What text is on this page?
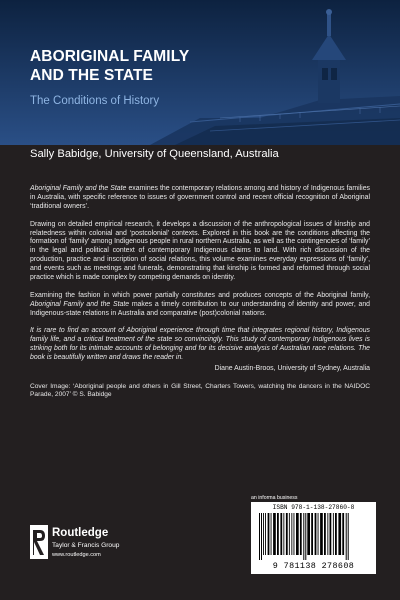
ABORIGINAL FAMILY
AND THE STATE
The Conditions of History
Sally Babidge, University of Queensland, Australia

Aboriginal Family and the State examines the contemporary relations among and history of Indigenous families in Australia, with specific reference to issues of government control and recent official recognition of Aboriginal ‘traditional owners’.

Drawing on detailed empirical research, it develops a discussion of the anthropological issues of kinship and relatedness within colonial and ‘postcolonial’ contexts. Explored in this book are the conditions affecting the formation of ‘family’ among Indigenous people in rural northern Australia, as well as the contingencies of ‘family’ in the legal and political context of contemporary Indigenous claims to land. With rich discussion of the production, practice and inscription of social relations, this volume examines everyday expressions of ‘family’, and events such as meetings and funerals, demonstrating that kinship is formed and reformed through social practice which is made complex by competing demands on identity.

Examining the fashion in which power partially constitutes and produces concepts of the Aboriginal family, Aboriginal Family and the State makes a timely contribution to our understanding of identity and power, and Indigenous-state relations in Australia and comparative (post)colonial nations.

It is rare to find an account of Aboriginal experience through time that integrates regional history, Indigenous family life, and a critical treatment of the state so convincingly. This study of contemporary Indigenous lives is striking both for its intimate accounts of belonging and for its decisive analysis of Australian race relations. The book is beautifully written and draws the reader in.

Diane Austin-Broos, University of Sydney, Australia

Cover Image: ‘Aboriginal people and others in Gill Street, Charters Towers, watching the dancers in the NAIDOC Parade, 2007’ © S. Babidge

an informa business
Routledge
Taylor & Francis Group
www.routledge.com
ISBN 978-1-138-27860-8
9 781138 278608
